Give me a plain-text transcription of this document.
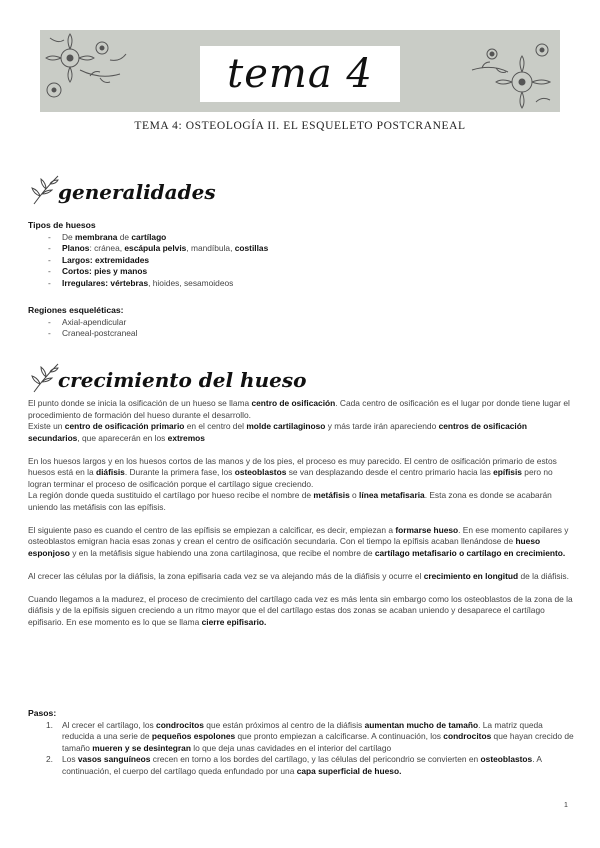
tema 4
TEMA 4: OSTEOLOGÍA II. EL ESQUELETO POSTCRANEAL
generalidades
Tipos de huesos
- De membrana de cartílago
- Planos: cránea, escápula pelvis, mandíbula, costillas
- Largos: extremidades
- Cortos: pies y manos
- Irregulares: vértebras, hioides, sesamoideos
Regiones esqueléticas:
- Axial-apendicular
- Craneal-postcraneal
crecimiento del hueso
El punto donde se inicia la osificación de un hueso se llama centro de osificación. Cada centro de osificación es el lugar por donde tiene lugar el procedimiento de formación del hueso durante el desarrollo.
Existe un centro de osificación primario en el centro del molde cartilaginoso y más tarde irán apareciendo centros de osificación secundarios, que aparecerán en los extremos
En los huesos largos y en los huesos cortos de las manos y de los pies, el proceso es muy parecido. El centro de osificación primario de estos huesos está en la diáfisis. Durante la primera fase, los osteoblastos se van desplazando desde el centro primario hacia las epífisis pero no logran terminar el proceso de osificación porque el cartílago sigue creciendo.
La región donde queda sustituido el cartílago por hueso recibe el nombre de metáfisis o línea metafisaria. Esta zona es donde se acabarán uniendo las metáfisis con las epífisis.
El siguiente paso es cuando el centro de las epífisis se empiezan a calcificar, es decir, empiezan a formarse hueso. En ese momento capilares y osteoblastos emigran hacia esas zonas y crean el centro de osificación secundaria. Con el tiempo la epífisis acaban llenándose de hueso esponjoso y en la metáfisis sigue habiendo una zona cartilaginosa, que recibe el nombre de cartílago metafisario o cartílago en crecimiento.
Al crecer las células por la diáfisis, la zona epifisaria cada vez se va alejando más de la diáfisis y ocurre el crecimiento en longitud de la diáfisis.
Cuando llegamos a la madurez, el proceso de crecimiento del cartílago cada vez es más lenta sin embargo como los osteoblastos de la zona de la diáfisis y de la epífisis siguen creciendo a un ritmo mayor que el del cartílago estas dos zonas se acaban uniendo y desaparece el cartílago epifisario. En ese momento es lo que se llama cierre epifisario.
Pasos:
1. Al crecer el cartílago, los condrocitos que están próximos al centro de la diáfisis aumentan mucho de tamaño. La matriz queda reducida a una serie de pequeños espolones que pronto empiezan a calcificarse. A continuación, los condrocitos que hayan crecido de tamaño mueren y se desintegran lo que deja unas cavidades en el interior del cartílago
2. Los vasos sanguíneos crecen en torno a los bordes del cartílago, y las células del pericondrio se convierten en osteoblastos. A continuación, el cuerpo del cartílago queda enfundado por una capa superficial de hueso.
1
